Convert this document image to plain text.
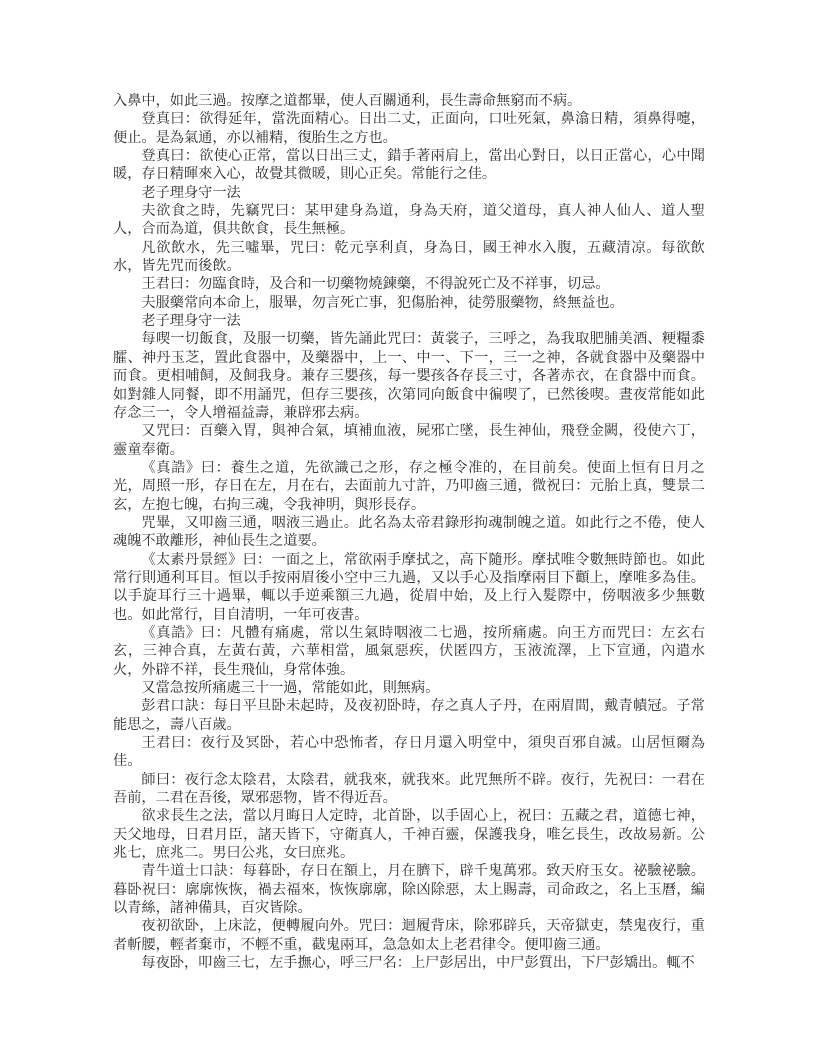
入鼻中，如此三過。按摩之道都畢，使人百關通利，長生壽命無窮而不病。

登真曰：欲得延年，當洗面精心。日出二丈，正面向，口吐死氣，鼻潝日精，須鼻得嚏，便止。是為氣通，亦以補精，復胎生之方也。

登真曰：欲使心正常，當以日出三丈，錯手著兩肩上，當出心對日，以日正當心，心中聞暖，存日精暉來入心，故覺其微暖，則心正矣。常能行之佳。

老子理身守一法

夫欲食之時，先竊咒曰：某甲建身為道，身為天府，道父道母，真人神人仙人、道人聖人，合而為道，俱共飲食，長生無極。

凡欲飲水，先三噓畢，咒曰：乾元享利貞，身為日，國王神水入腹，五藏清凉。每欲飲水，皆先咒而後飲。

王君曰：勿臨食時，及合和一切藥物燒鍊藥，不得說死亡及不祥事，切忌。

夫服藥常向本命上，服畢，勿言死亡事，犯傷胎神，徒勞服藥物，終無益也。

老子理身守一法

每喫一切飯食，及服一切藥，皆先誦此咒曰：黃裳子，三呼之，為我取肥脯美酒、粳糧黍臛、神丹玉芝，置此食器中，及藥器中，上一、中一、下一，三一之神，各就食器中及藥器中而食。更相哺飼，及飼我身。兼存三嬰孩，每一嬰孩各存長三寸，各著赤衣，在食器中而食。如對雜人同餐，即不用誦咒，但存三嬰孩，次第同向飯食中徧喫了，已然後喫。晝夜常能如此存念三一，令人增福益壽，兼辟邪去病。

又咒曰：百藥入胃，與神合氣，填補血液，屍邪亡墜，長生神仙，飛登金闕，役使六丁，靈童奉衛。

《真誥》曰：養生之道，先欲識己之形，存之極令准的，在目前矣。使面上恒有日月之光，周照一形，存日在左，月在右，去面前九寸許，乃叩齒三通，微祝曰：元胎上真，雙景二玄，左抱七魄，右拘三魂，令我神明，與形長存。

咒畢，又叩齒三通，咽液三過止。此名為太帝君錄形拘魂制魄之道。如此行之不倦，使人魂魄不敢離形，神仙長生之道要。

《太素丹景經》曰：一面之上，常欲兩手摩拭之，高下隨形。摩拭唯令數無時節也。如此常行則通利耳目。恒以手按兩眉後小空中三九過，又以手心及指摩兩目下顴上，摩唯多為佳。以手旋耳行三十過畢，輒以手逆乘額三九過，從眉中始，及上行入髮際中，傍咽液多少無數也。如此常行，目自清明，一年可夜書。

《真誥》曰：凡體有痛處，常以生氣時咽液二七過，按所痛處。向王方而咒曰：左玄右玄，三神合真，左黃右黃，六華相當，風氣惡疾，伏匿四方，玉液流澤，上下宣通，內遣水火，外辟不祥，長生飛仙，身常体強。

又當急按所痛處三十一過，常能如此，則無病。

彭君口訣：每日平旦卧未起時，及夜初卧時，存之真人子丹，在兩眉間，戴青幘冠。子常能思之，壽八百歲。

王君曰：夜行及冥卧，若心中恐怖者，存日月還入明堂中，須臾百邪自滅。山居恒爾為佳。

師曰：夜行念太陰君，太陰君，就我來，就我來。此咒無所不辟。夜行，先祝曰：一君在吾前，二君在吾後，眾邪惡物，皆不得近吾。

欲求長生之法，當以月晦日人定時，北首卧，以手固心上，祝曰：五藏之君，道德七神，天父地母，日君月臣，諸天皆下，守衛真人，千神百靈，保護我身，唯乞長生，改故易新。公兆七，庶兆二。男曰公兆，女曰庶兆。

青牛道士口訣：每暮卧，存日在額上，月在臍下，辟千鬼萬邪。致天府玉女。祕驗祕驗。暮卧祝曰：廓廓恢恢，禍去福來，恢恢廓廓，除凶除惡，太上賜壽，司命政之，名上玉曆，編以青絲，諸神備具，百灾皆除。

夜初欲卧，上床訖，便轉履向外。咒曰：迴履背床，除邪辟兵，天帝獄吏，禁鬼夜行，重者斬腰，輕者棄市，不輕不重，截鬼兩耳，急急如太上老君律令。便叩齒三通。

每夜卧，叩齒三七，左手撫心，呼三尸名：上尸彭居出，中尸彭質出，下尸彭矯出。輒不
